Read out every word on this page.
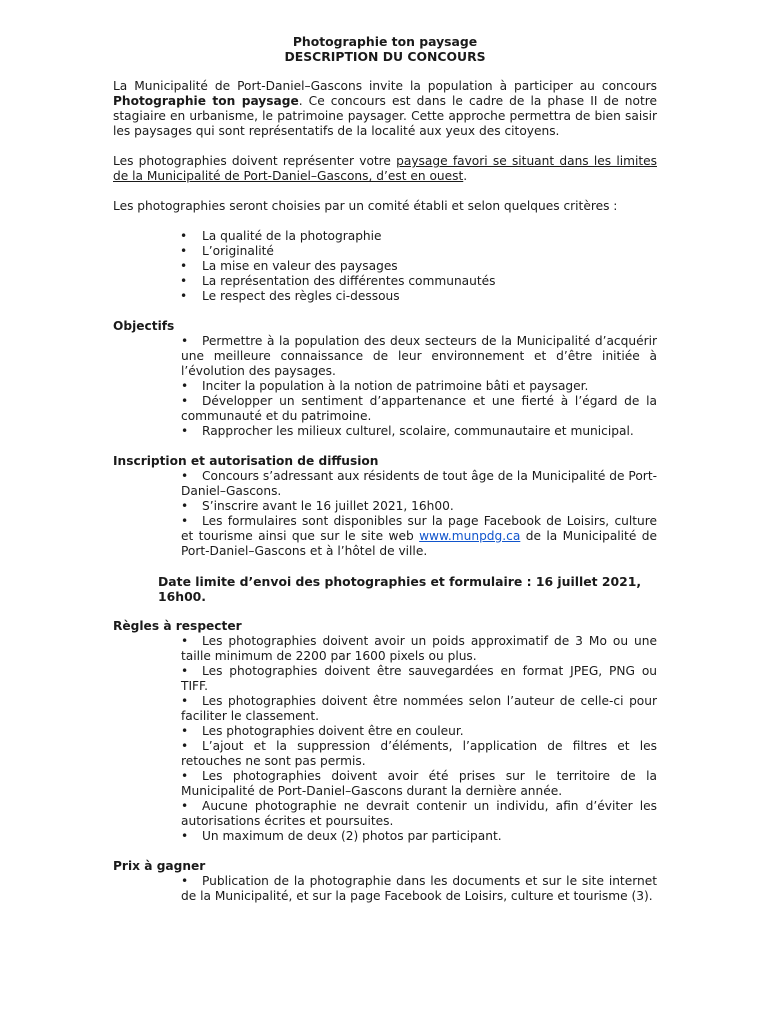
Photographie ton paysage
DESCRIPTION DU CONCOURS

La Municipalité de Port-Daniel–Gascons invite la population à participer au concours Photographie ton paysage. Ce concours est dans le cadre de la phase II de notre stagiaire en urbanisme, le patrimoine paysager. Cette approche permettra de bien saisir les paysages qui sont représentatifs de la localité aux yeux des citoyens.

Les photographies doivent représenter votre paysage favori se situant dans les limites de la Municipalité de Port-Daniel–Gascons, d’est en ouest.

Les photographies seront choisies par un comité établi et selon quelques critères :

• La qualité de la photographie
• L’originalité
• La mise en valeur des paysages
• La représentation des différentes communautés
• Le respect des règles ci-dessous
Objectifs
• Permettre à la population des deux secteurs de la Municipalité d’acquérir une meilleure connaissance de leur environnement et d’être initiée à l’évolution des paysages.
• Inciter la population à la notion de patrimoine bâti et paysager.
• Développer un sentiment d’appartenance et une fierté à l’égard de la communauté et du patrimoine.
• Rapprocher les milieux culturel, scolaire, communautaire et municipal.
Inscription et autorisation de diffusion
• Concours s’adressant aux résidents de tout âge de la Municipalité de Port-Daniel–Gascons.
• S’inscrire avant le 16 juillet 2021, 16h00.
• Les formulaires sont disponibles sur la page Facebook de Loisirs, culture et tourisme ainsi que sur le site web www.munpdg.ca de la Municipalité de Port-Daniel–Gascons et à l’hôtel de ville.

Date limite d’envoi des photographies et formulaire : 16 juillet 2021, 16h00.

Règles à respecter
• Les photographies doivent avoir un poids approximatif de 3 Mo ou une taille minimum de 2200 par 1600 pixels ou plus.
• Les photographies doivent être sauvegardées en format JPEG, PNG ou TIFF.
• Les photographies doivent être nommées selon l’auteur de celle-ci pour faciliter le classement.
• Les photographies doivent être en couleur.
• L’ajout et la suppression d’éléments, l’application de filtres et les retouches ne sont pas permis.
• Les photographies doivent avoir été prises sur le territoire de la Municipalité de Port-Daniel–Gascons durant la dernière année.
• Aucune photographie ne devrait contenir un individu, afin d’éviter les autorisations écrites et poursuites.
• Un maximum de deux (2) photos par participant.
Prix à gagner
• Publication de la photographie dans les documents et sur le site internet de la Municipalité, et sur la page Facebook de Loisirs, culture et tourisme (3).
